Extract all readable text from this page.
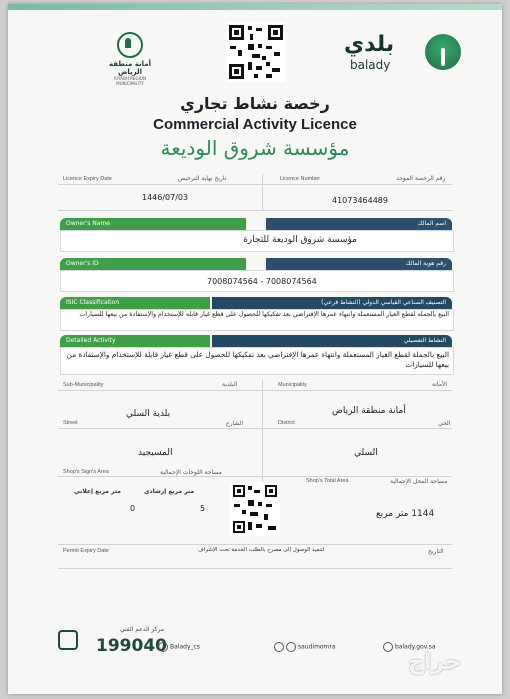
أمانة منطقة الرياض
RIYADH REGION MUNICIPALITY
بلدي
balady
رخصة نشاط تجاري
Commercial Activity Licence
مؤسسة شروق الوديعة
Licence Expiry Date	تاريخ نهاية الترخيص
1446/07/03
Licence Number	رقم الرخصة الموحد
41073464489
Owner's Name	اسم المالك
مؤسسة شروق الوديعة للتجارة
Owner's ID	رقم هوية المالك
7008074564 - 7008074564
ISIC Classification	التصنيف الصناعي القياسي الدولي (النشاط فرعي)
البيع بالجملة لقطع الغيار المستعملة وانتهاء عمرها الإفتراضي بعد تفكيكها للحصول على قطع غيار قابلة للإستخدام والإستفادة من بيعها للسيارات
Detailed Activity	النشاط التفصيلي
البيع بالجملة لقطع الغيار المستعملة وانتهاء عمرها الإفتراضي بعد تفكيكها للحصول على قطع غيار قابلة للإستخدام والإستفادة من بيعها للسيارات
Sub-Municipality	البلدية
بلدية السلي
Municipality	الأمانة
أمانة منطقة الرياض
Street	الشارع
المسيجيد
District	الحي
السلي
Shop's Sign's Area	مساحة اللوحات الإجمالية
متر مربع إعلاني	متر مربع إرشادي
0	5
Shop's Total Area	مساحة المحل الإجمالية
1144 متر مربع
Permit Expiry Date	لتنفيذ الوصول إلى مصرح بالطلب الخدمة تحت الإشراف	التاريخ
مركز الدعم الفني
199040 Balady_cs	saudimomra	balady.gov.sa
حراج
